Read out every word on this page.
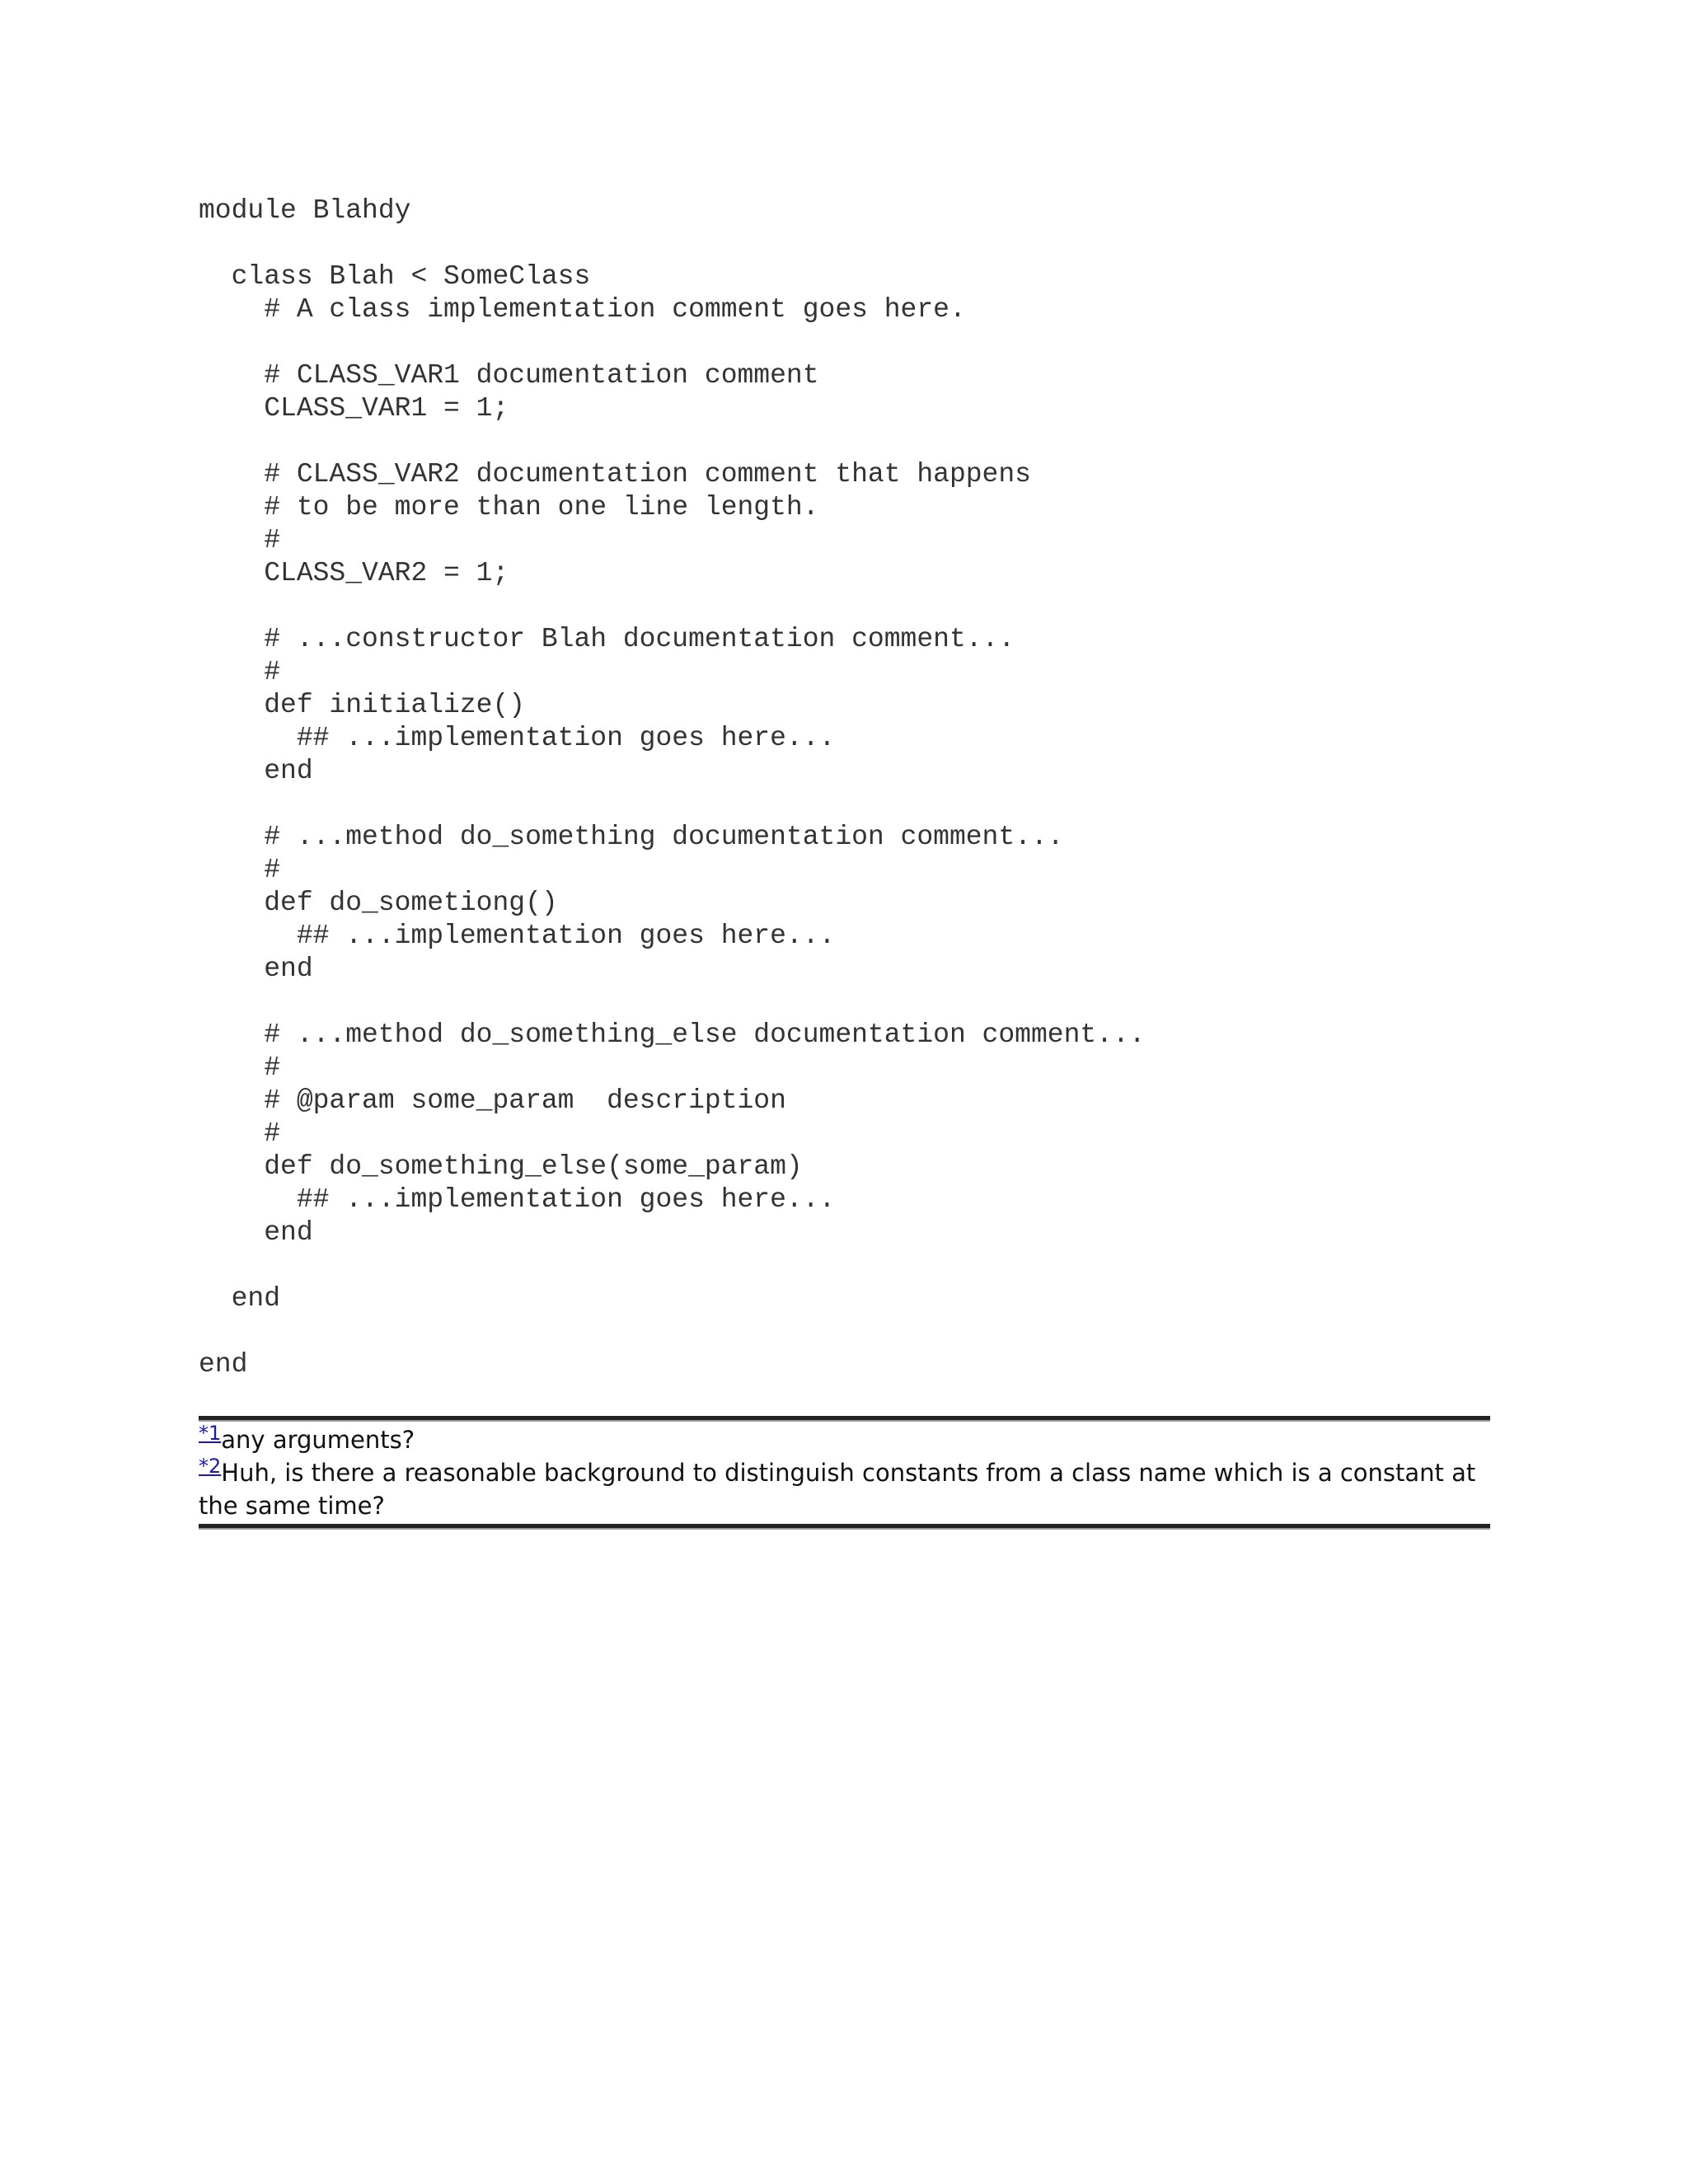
module Blahdy
class Blah < SomeClass
# A class implementation comment goes here.
# CLASS_VAR1 documentation comment
CLASS_VAR1 = 1;
# CLASS_VAR2 documentation comment that happens
# to be more than one line length.
#
CLASS_VAR2 = 1;
# ...constructor Blah documentation comment...
#
def initialize()
## ...implementation goes here...
end
# ...method do_something documentation comment...
#
def do_sometiong()
## ...implementation goes here...
end
# ...method do_something_else documentation comment...
#
# @param some_param  description
#
def do_something_else(some_param)
## ...implementation goes here...
end
end
end
$^{*1}$any arguments?
$^{*2}$Huh, is there a reasonable background to distinguish constants from a class name which is a constant at the same time?
